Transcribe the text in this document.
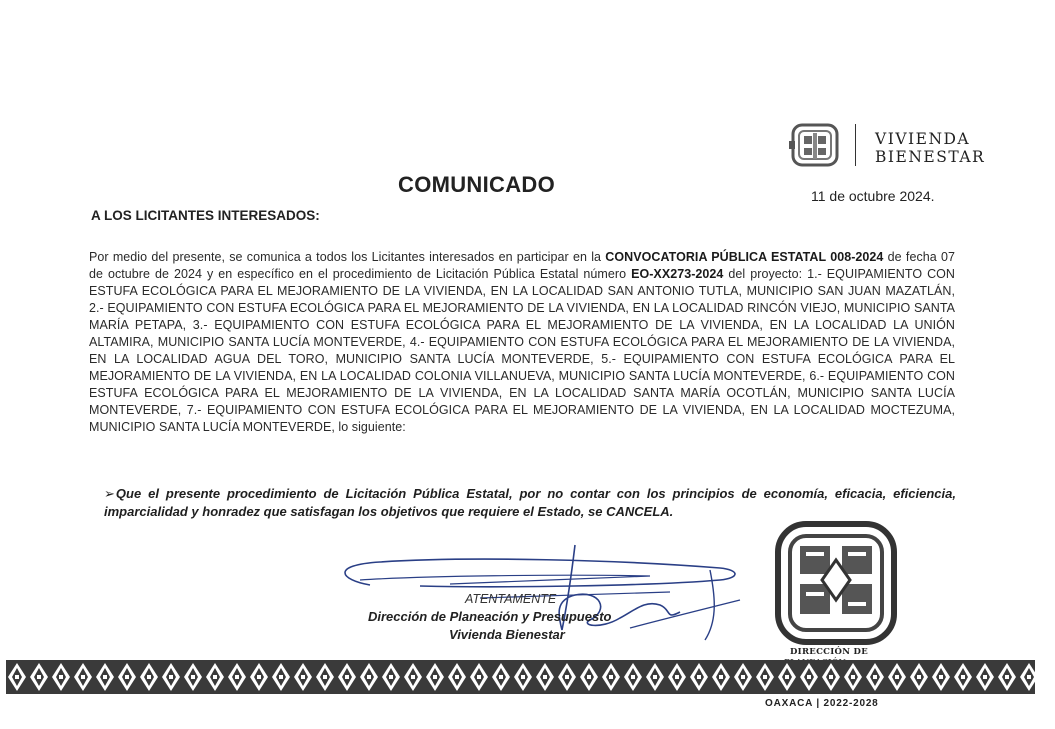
VIVIENDA
BIENESTAR
COMUNICADO	11 de octubre 2024.
A LOS LICITANTES INTERESADOS:
Por medio del presente, se comunica a todos los Licitantes interesados en participar en la CONVOCATORIA PÚBLICA ESTATAL 008-2024 de fecha 07 de octubre de 2024 y en específico en el procedimiento de Licitación Pública Estatal número EO-XX273-2024 del proyecto: 1.- EQUIPAMIENTO CON ESTUFA ECOLÓGICA PARA EL MEJORAMIENTO DE LA VIVIENDA, EN LA LOCALIDAD SAN ANTONIO TUTLA, MUNICIPIO SAN JUAN MAZATLÁN, 2.- EQUIPAMIENTO CON ESTUFA ECOLÓGICA PARA EL MEJORAMIENTO DE LA VIVIENDA, EN LA LOCALIDAD RINCÓN VIEJO, MUNICIPIO SANTA MARÍA PETAPA, 3.- EQUIPAMIENTO CON ESTUFA ECOLÓGICA PARA EL MEJORAMIENTO DE LA VIVIENDA, EN LA LOCALIDAD LA UNIÓN ALTAMIRA, MUNICIPIO SANTA LUCÍA MONTEVERDE, 4.- EQUIPAMIENTO CON ESTUFA ECOLÓGICA PARA EL MEJORAMIENTO DE LA VIVIENDA, EN LA LOCALIDAD AGUA DEL TORO, MUNICIPIO SANTA LUCÍA MONTEVERDE, 5.- EQUIPAMIENTO CON ESTUFA ECOLÓGICA PARA EL MEJORAMIENTO DE LA VIVIENDA, EN LA LOCALIDAD COLONIA VILLANUEVA, MUNICIPIO SANTA LUCÍA MONTEVERDE, 6.- EQUIPAMIENTO CON ESTUFA ECOLÓGICA PARA EL MEJORAMIENTO DE LA VIVIENDA, EN LA LOCALIDAD SANTA MARÍA OCOTLÁN, MUNICIPIO SANTA LUCÍA MONTEVERDE, 7.- EQUIPAMIENTO CON ESTUFA ECOLÓGICA PARA EL MEJORAMIENTO DE LA VIVIENDA, EN LA LOCALIDAD MOCTEZUMA, MUNICIPIO SANTA LUCÍA MONTEVERDE, lo siguiente:
➢Que el presente procedimiento de Licitación Pública Estatal, por no contar con los principios de economía, eficacia, eficiencia, imparcialidad y honradez que satisfagan los objetivos que requiere el Estado, se CANCELA.
ATENTAMENTE
Dirección de Planeación y Presupuesto
Vivienda Bienestar
DIRECCIÓN DE
OAXACA | 2022-2028
